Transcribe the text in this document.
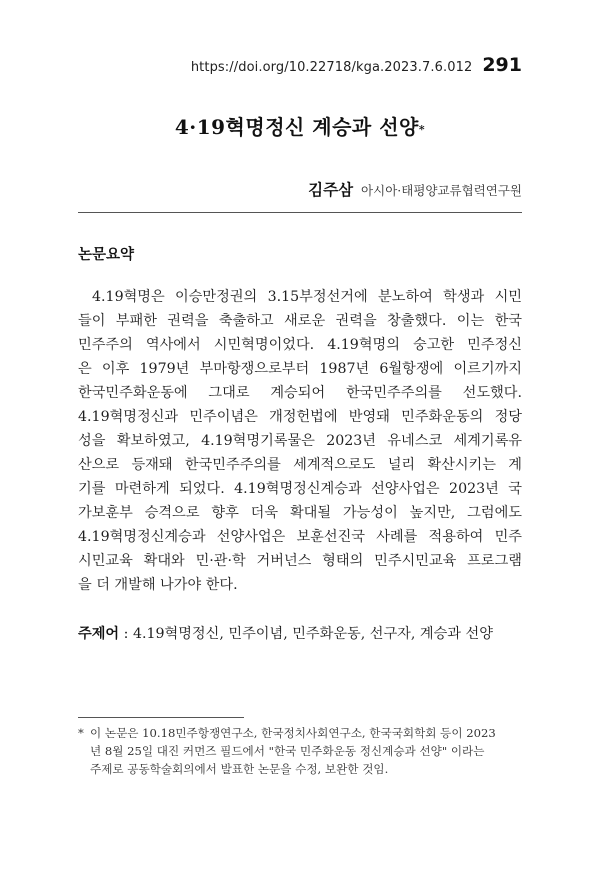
https://doi.org/10.22718/kga.2023.7.6.012 291
4·19혁명정신 계승과 선양*
김주삼 아시아·태평양교류협력연구원
논문요약
4.19혁명은 이승만정권의 3.15부정선거에 분노하여 학생과 시민
들이 부패한 권력을 축출하고 새로운 권력을 창출했다. 이는 한국
민주주의 역사에서 시민혁명이었다. 4.19혁명의 숭고한 민주정신
은 이후 1979년 부마항쟁으로부터 1987년 6월항쟁에 이르기까지
한국민주화운동에 그대로 계승되어 한국민주주의를 선도했다.
4.19혁명정신과 민주이념은 개정헌법에 반영돼 민주화운동의 정당
성을 확보하였고, 4.19혁명기록물은 2023년 유네스코 세계기록유
산으로 등재돼 한국민주주의를 세계적으로도 널리 확산시키는 계
기를 마련하게 되었다. 4.19혁명정신계승과 선양사업은 2023년 국
가보훈부 승격으로 향후 더욱 확대될 가능성이 높지만, 그럼에도
4.19혁명정신계승과 선양사업은 보훈선진국 사례를 적용하여 민주
시민교육 확대와 민·관·학 거버넌스 형태의 민주시민교육 프로그램
을 더 개발해 나가야 한다.
주제어 : 4.19혁명정신, 민주이념, 민주화운동, 선구자, 계승과 선양
* 이 논문은 10.18민주항쟁연구소, 한국정치사회연구소, 한국국회학회 등이 2023
년 8월 25일 대진 커먼즈 필드에서 "한국 민주화운동 정신계승과 선양" 이라는
주제로 공동학술회의에서 발표한 논문을 수정, 보완한 것임.
